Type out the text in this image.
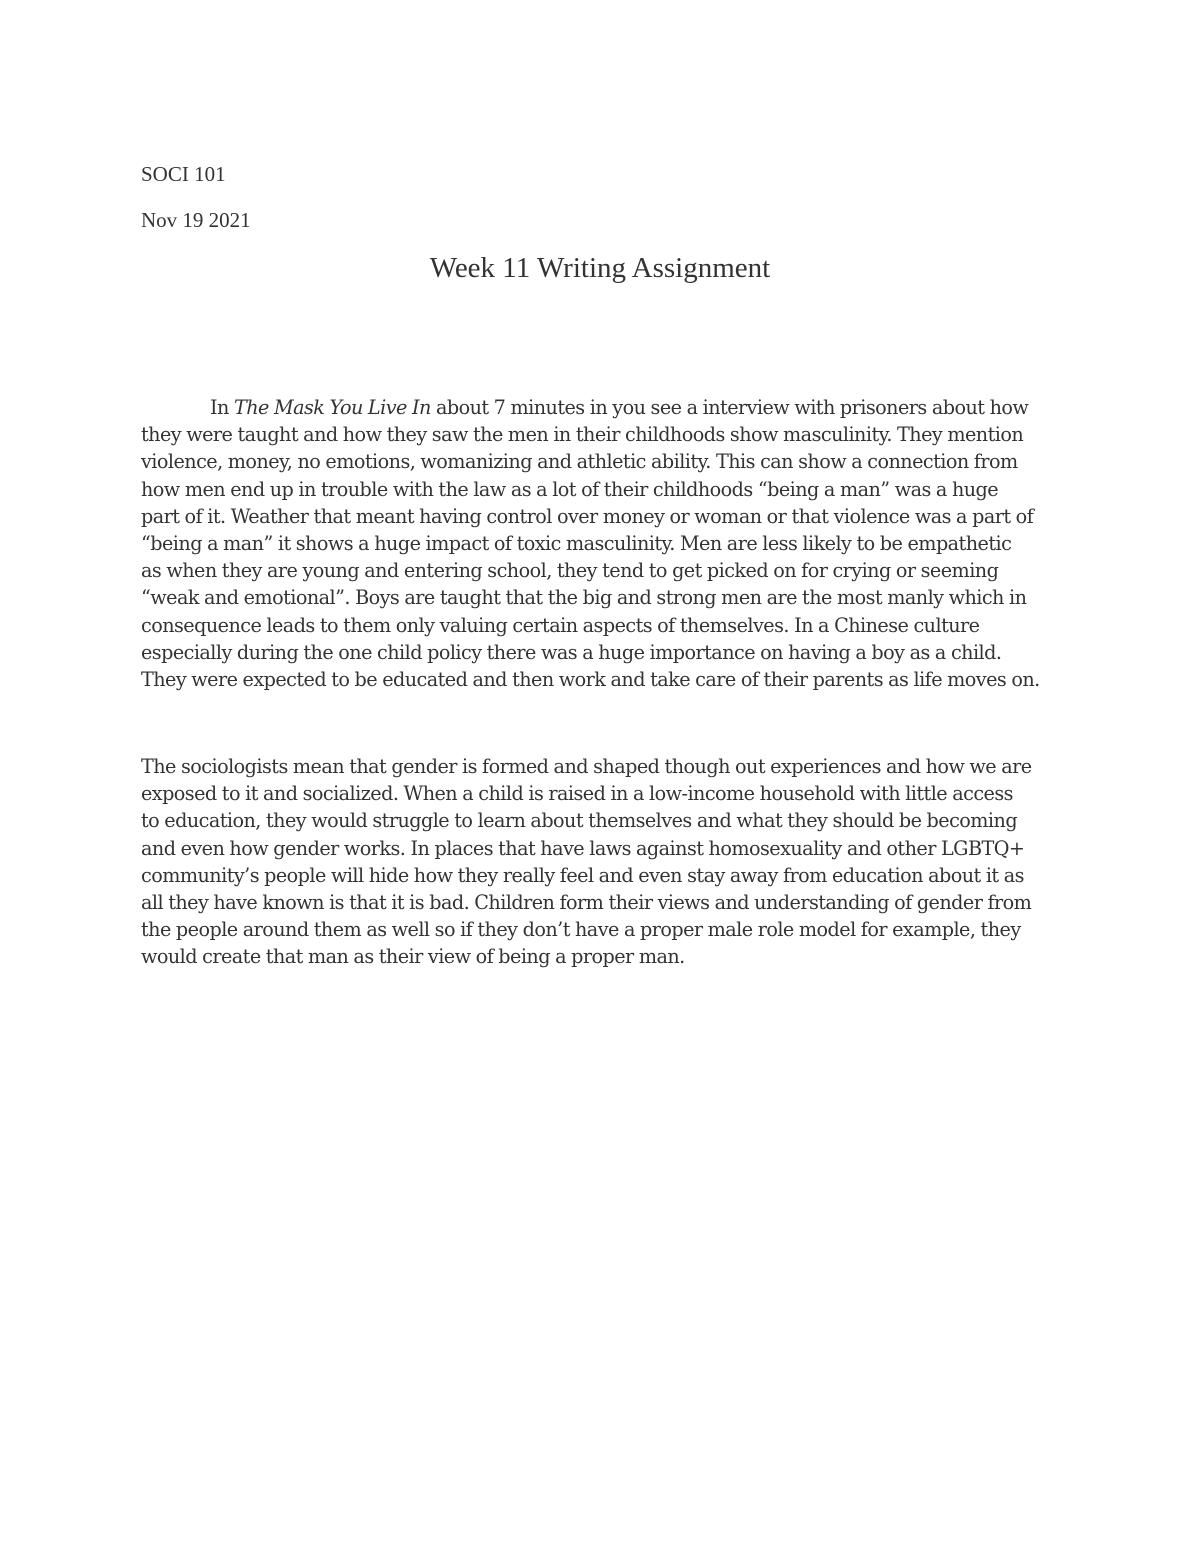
SOCI 101
Nov 19 2021
Week 11 Writing Assignment
In The Mask You Live In about 7 minutes in you see a interview with prisoners about how
they were taught and how they saw the men in their childhoods show masculinity. They mention
violence, money, no emotions, womanizing and athletic ability. This can show a connection from
how men end up in trouble with the law as a lot of their childhoods “being a man” was a huge
part of it. Weather that meant having control over money or woman or that violence was a part of
“being a man” it shows a huge impact of toxic masculinity. Men are less likely to be empathetic
as when they are young and entering school, they tend to get picked on for crying or seeming
“weak and emotional”. Boys are taught that the big and strong men are the most manly which in
consequence leads to them only valuing certain aspects of themselves. In a Chinese culture
especially during the one child policy there was a huge importance on having a boy as a child.
They were expected to be educated and then work and take care of their parents as life moves on.
The sociologists mean that gender is formed and shaped though out experiences and how we are
exposed to it and socialized. When a child is raised in a low-income household with little access
to education, they would struggle to learn about themselves and what they should be becoming
and even how gender works. In places that have laws against homosexuality and other LGBTQ+
community’s people will hide how they really feel and even stay away from education about it as
all they have known is that it is bad. Children form their views and understanding of gender from
the people around them as well so if they don’t have a proper male role model for example, they
would create that man as their view of being a proper man.
